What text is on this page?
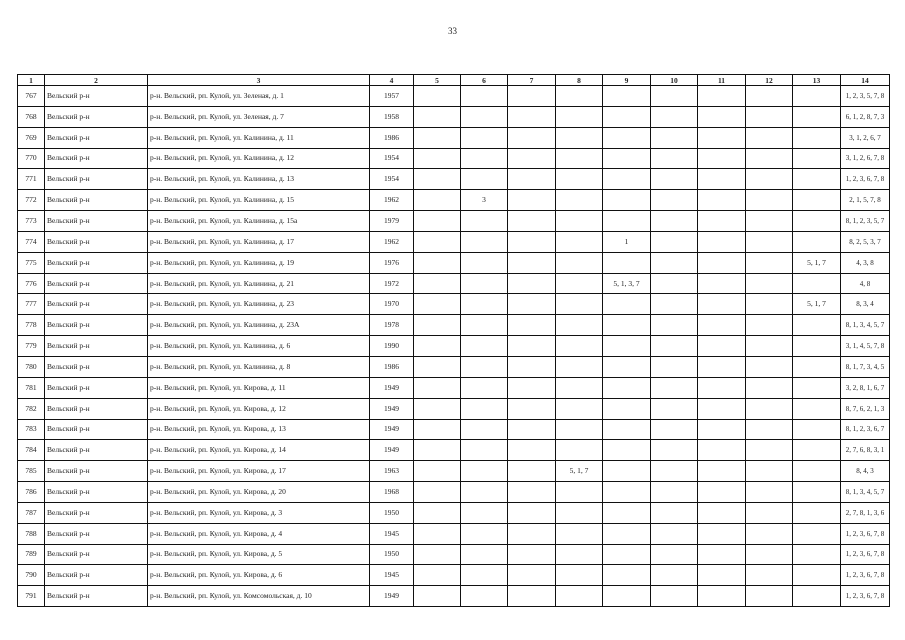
33
1	2	3	4	5	6	7	8	9	10	11	12	13	14
767	Вельский р-н	р-н. Вельский, рп. Кулой, ул. Зеленая, д. 1	1957										1, 2, 3, 5, 7, 8
768	Вельский р-н	р-н. Вельский, рп. Кулой, ул. Зеленая, д. 7	1958										6, 1, 2, 8, 7, 3
769	Вельский р-н	р-н. Вельский, рп. Кулой, ул. Калинина, д. 11	1986										3, 1, 2, 6, 7
770	Вельский р-н	р-н. Вельский, рп. Кулой, ул. Калинина, д. 12	1954										3, 1, 2, 6, 7, 8
771	Вельский р-н	р-н. Вельский, рп. Кулой, ул. Калинина, д. 13	1954										1, 2, 3, 6, 7, 8
772	Вельский р-н	р-н. Вельский, рп. Кулой, ул. Калинина, д. 15	1962		3								2, 1, 5, 7, 8
773	Вельский р-н	р-н. Вельский, рп. Кулой, ул. Калинина, д. 15а	1979										8, 1, 2, 3, 5, 7
774	Вельский р-н	р-н. Вельский, рп. Кулой, ул. Калинина, д. 17	1962					1					8, 2, 5, 3, 7
775	Вельский р-н	р-н. Вельский, рп. Кулой, ул. Калинина, д. 19	1976									5, 1, 7	4, 3, 8
776	Вельский р-н	р-н. Вельский, рп. Кулой, ул. Калинина, д. 21	1972					5, 1, 3, 7					4, 8
777	Вельский р-н	р-н. Вельский, рп. Кулой, ул. Калинина, д. 23	1970									5, 1, 7	8, 3, 4
778	Вельский р-н	р-н. Вельский, рп. Кулой, ул. Калинина, д. 23А	1978										8, 1, 3, 4, 5, 7
779	Вельский р-н	р-н. Вельский, рп. Кулой, ул. Калинина, д. 6	1990										3, 1, 4, 5, 7, 8
780	Вельский р-н	р-н. Вельский, рп. Кулой, ул. Калинина, д. 8	1986										8, 1, 7, 3, 4, 5
781	Вельский р-н	р-н. Вельский, рп. Кулой, ул. Кирова, д. 11	1949										3, 2, 8, 1, 6, 7
782	Вельский р-н	р-н. Вельский, рп. Кулой, ул. Кирова, д. 12	1949										8, 7, 6, 2, 1, 3
783	Вельский р-н	р-н. Вельский, рп. Кулой, ул. Кирова, д. 13	1949										8, 1, 2, 3, 6, 7
784	Вельский р-н	р-н. Вельский, рп. Кулой, ул. Кирова, д. 14	1949										2, 7, 6, 8, 3, 1
785	Вельский р-н	р-н. Вельский, рп. Кулой, ул. Кирова, д. 17	1963				5, 1, 7						8, 4, 3
786	Вельский р-н	р-н. Вельский, рп. Кулой, ул. Кирова, д. 20	1968										8, 1, 3, 4, 5, 7
787	Вельский р-н	р-н. Вельский, рп. Кулой, ул. Кирова, д. 3	1950										2, 7, 8, 1, 3, 6
788	Вельский р-н	р-н. Вельский, рп. Кулой, ул. Кирова, д. 4	1945										1, 2, 3, 6, 7, 8
789	Вельский р-н	р-н. Вельский, рп. Кулой, ул. Кирова, д. 5	1950										1, 2, 3, 6, 7, 8
790	Вельский р-н	р-н. Вельский, рп. Кулой, ул. Кирова, д. 6	1945										1, 2, 3, 6, 7, 8
791	Вельский р-н	р-н. Вельский, рп. Кулой, ул. Комсомольская, д. 10	1949										1, 2, 3, 6, 7, 8
